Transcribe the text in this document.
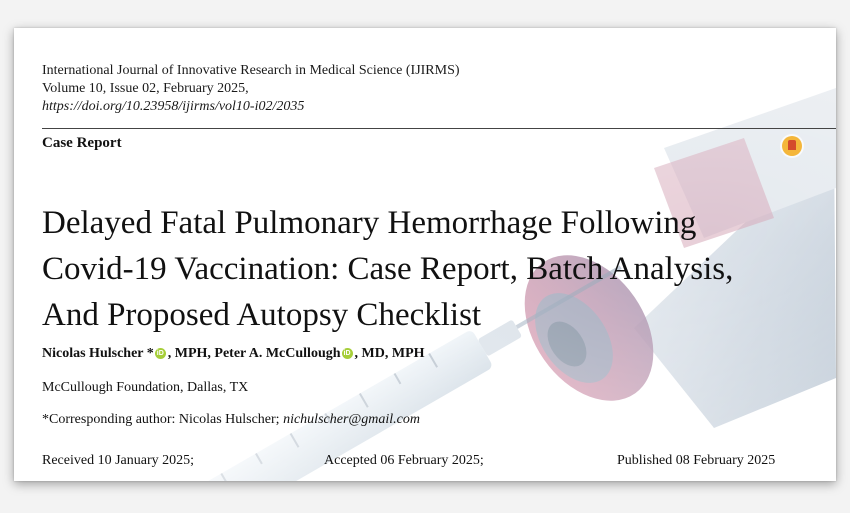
International Journal of Innovative Research in Medical Science (IJIRMS)
Volume 10, Issue 02, February 2025,
https://doi.org/10.23958/ijirms/vol10-i02/2035
Case Report
Delayed Fatal Pulmonary Hemorrhage Following
Covid-19 Vaccination: Case Report, Batch Analysis,
And Proposed Autopsy Checklist
Nicolas Hulscher * iD , MPH, Peter A. McCullough iD , MD, MPH
McCullough Foundation, Dallas, TX
*Corresponding author: Nicolas Hulscher; nichulscher@gmail.com
Received 10 January 2025;	Accepted 06 February 2025;	Published 08 February 2025
